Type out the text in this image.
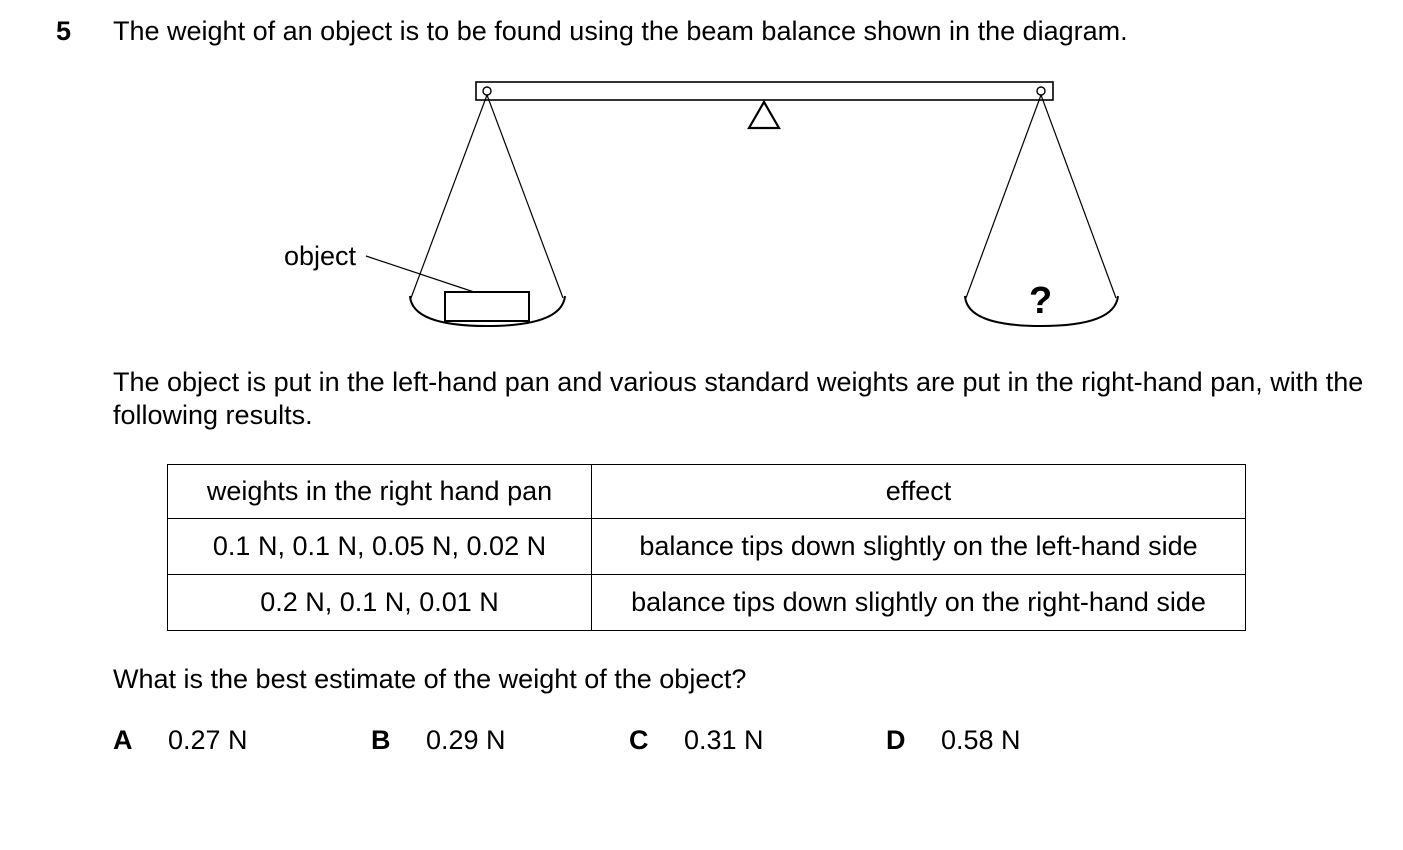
5 The weight of an object is to be found using the beam balance shown in the diagram.
object
?
The object is put in the left-hand pan and various standard weights are put in the right-hand pan, with the following results.
weights in the right hand pan	effect
0.1 N, 0.1 N, 0.05 N, 0.02 N	balance tips down slightly on the left-hand side
0.2 N, 0.1 N, 0.01 N	balance tips down slightly on the right-hand side
What is the best estimate of the weight of the object?
A 0.27 N	B 0.29 N	C 0.31 N	D 0.58 N
